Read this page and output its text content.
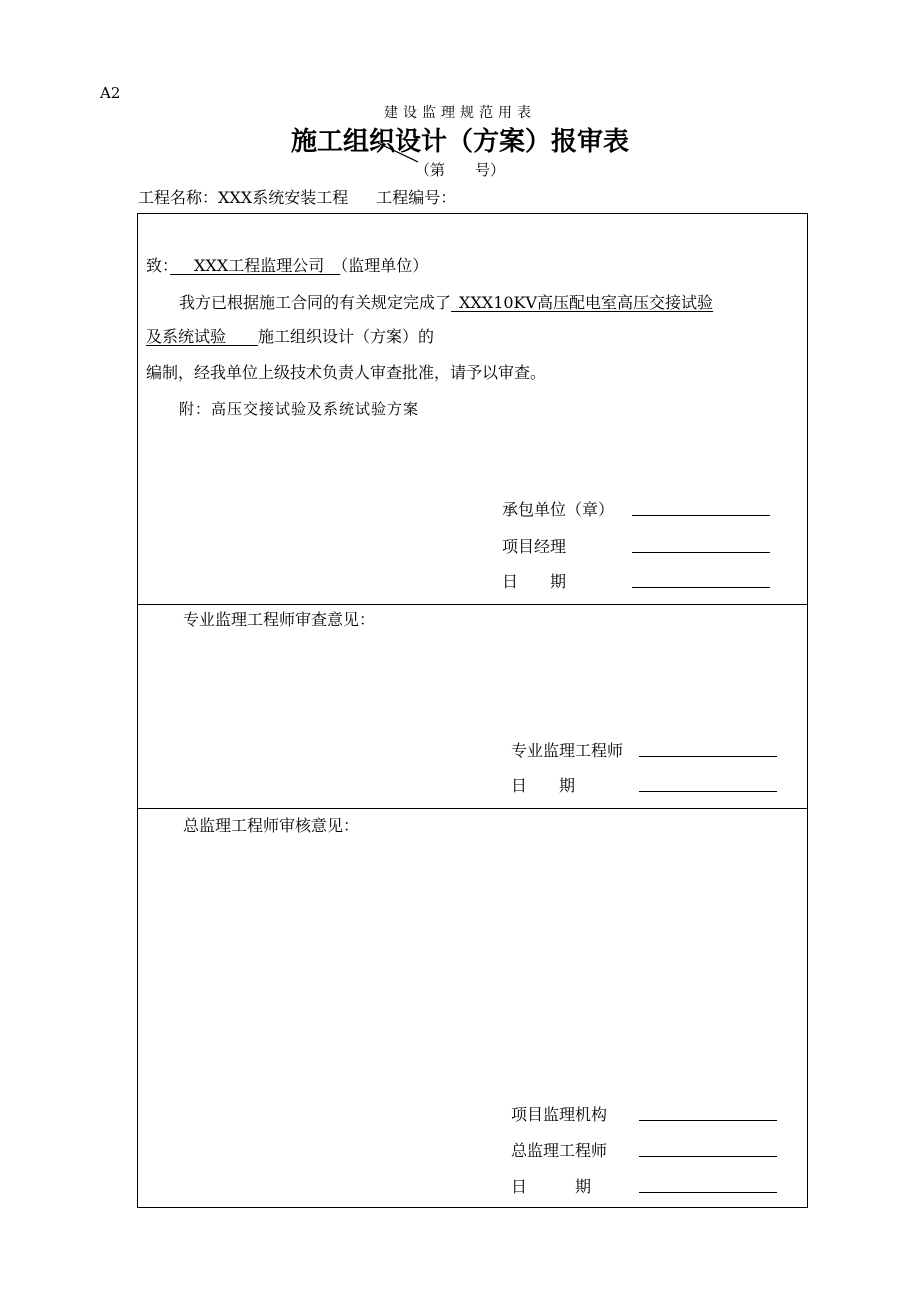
A2
建设监理规范用表
施工组织设计（方案）报审表
（第　　号）
工程名称：XXX系统安装工程 工程编号：
致：　  XXX工程监理公司　 （监理单位）
我方已根据施工合同的有关规定完成了  XXX10KV高压配电室高压交接试验
及系统试验　   施工组织设计（方案）的
编制，经我单位上级技术负责人审查批准，请予以审查。
附：高压交接试验及系统试验方案
承包单位（章）
项目经理
日　　期
专业监理工程师审查意见：
专业监理工程师
日　　期
总监理工程师审核意见：
项目监理机构
总监理工程师
日　　　期
